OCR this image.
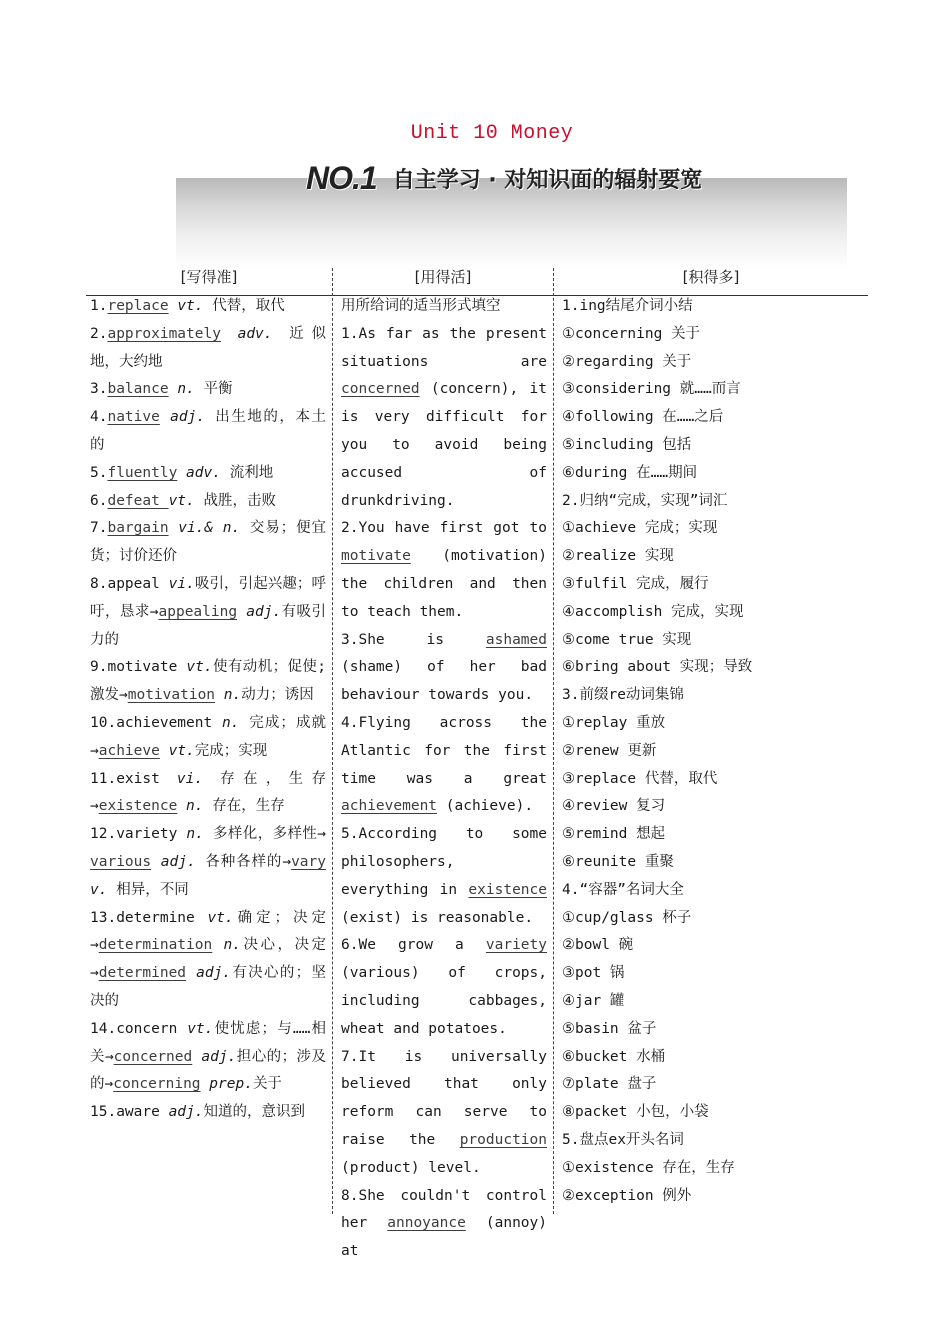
Unit 10 Money
NO.1 自主学习 · 对知识面的辐射要宽
[写得准]	[用得活]	[积得多]

1.replace vt. 代替，取代

2.approximately adv. 近似地，大约地

3.balance n. 平衡

4.native adj. 出生地的，本土的

5.fluently adv. 流利地

6.defeat vt. 战胜，击败

7.bargain vi.& n. 交易；便宜货；讨价还价

8.appeal vi.吸引，引起兴趣；呼吁，恳求→appealing adj.有吸引力的

9.motivate vt.使有动机；促使;激发→motivation n.动力；诱因

10.achievement n. 完成；成就→achieve vt.完成；实现

11.exist vi. 存在，生存→existence n. 存在，生存

12.variety n. 多样化，多样性→ various adj. 各种各样的→vary v. 相异，不同

13.determine vt.确定；决定→determination n.决心，决定→determined adj.有决心的；坚决的

14.concern vt.使忧虑；与……相关→concerned adj.担心的；涉及的→concerning prep.关于

15.aware adj.知道的，意识到

用所给词的适当形式填空

1.As far as the present situations are concerned (concern), it is very difficult for you to avoid being accused of drunkdriving.

2.You have first got to motivate (motivation) the children and then to teach them.

3.She is ashamed (shame) of her bad behaviour towards you.

4.Flying across the Atlantic for the first time was a great achievement (achieve).

5.According to some philosophers, everything in existence (exist) is reasonable.

6.We grow a variety (various) of crops, including cabbages, wheat and potatoes.

7.It is universally believed that only reform can serve to raise the production (product) level.

8.She couldn't control her annoyance (annoy) at

1.ing结尾介词小结

①concerning 关于

②regarding 关于

③considering 就……而言

④following 在……之后

⑤including 包括

⑥during 在……期间

2.归纳“完成，实现”词汇

①achieve 完成；实现

②realize 实现

③fulfil 完成，履行

④accomplish 完成，实现

⑤come true 实现

⑥bring about 实现；导致

3.前缀re动词集锦

①replay 重放

②renew 更新

③replace 代替，取代

④review 复习

⑤remind 想起

⑥reunite 重聚

4.“容器”名词大全

①cup/glass 杯子

②bowl 碗

③pot 锅

④jar 罐

⑤basin 盆子

⑥bucket 水桶

⑦plate 盘子

⑧packet 小包，小袋

5.盘点ex开头名词

①existence 存在，生存

②exception 例外
